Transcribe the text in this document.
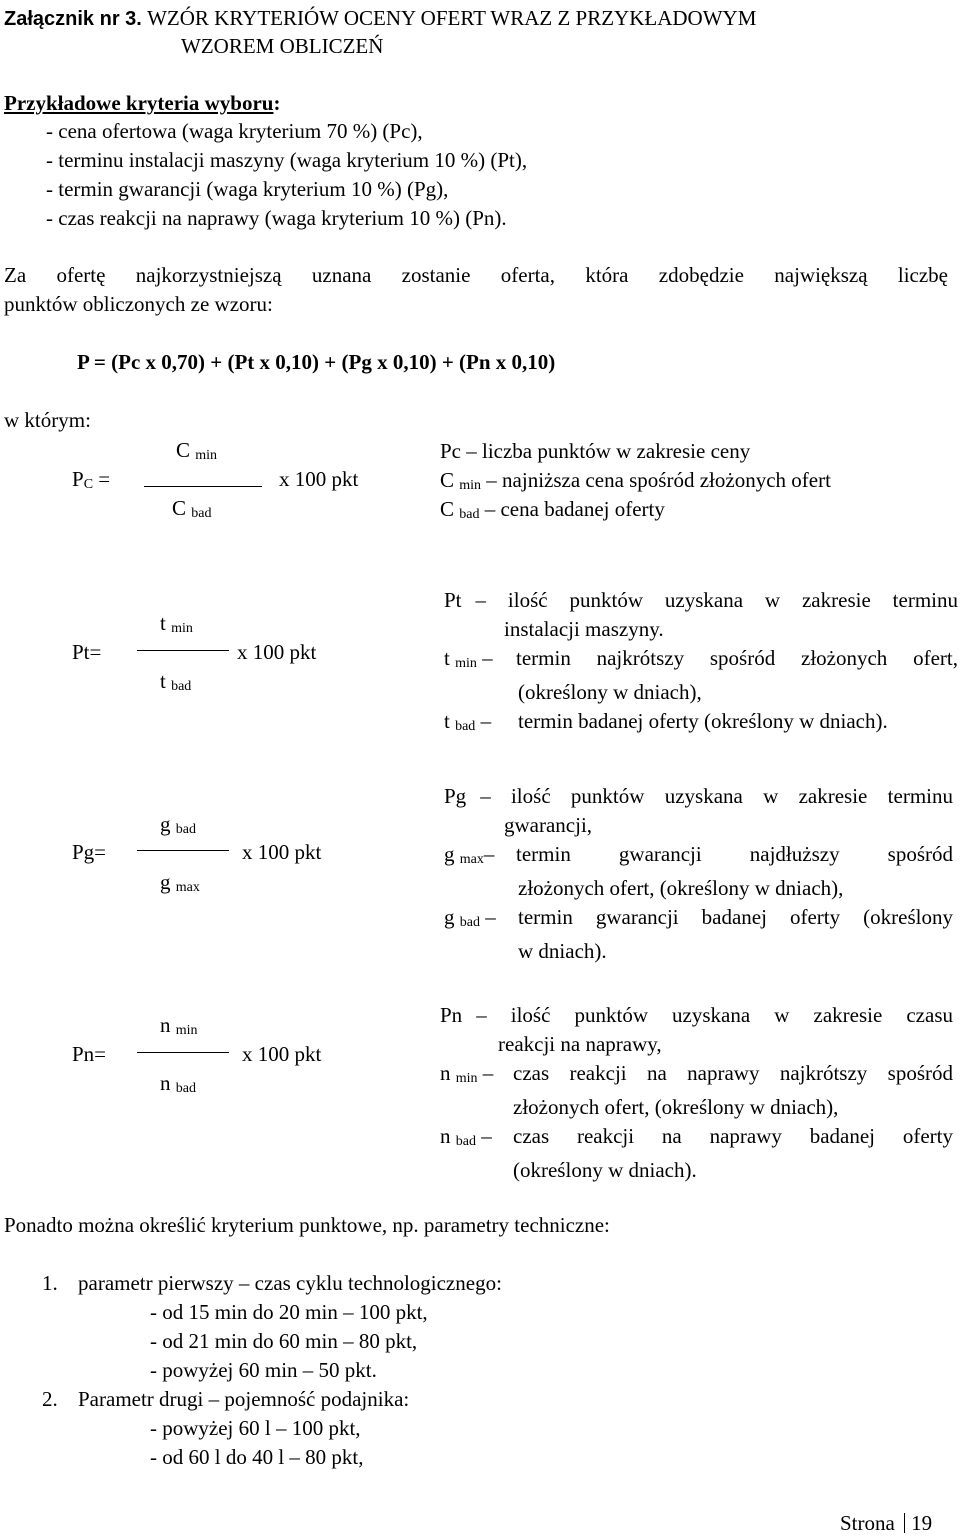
Załącznik nr 3. WZÓR KRYTERIÓW OCENY OFERT WRAZ Z PRZYKŁADOWYM
WZOREM OBLICZEŃ
Przykładowe kryteria wyboru:
- cena ofertowa (waga kryterium 70 %) (Pc),
- terminu instalacji maszyny (waga kryterium 10 %) (Pt),
- termin gwarancji (waga kryterium 10 %) (Pg),
- czas reakcji na naprawy (waga kryterium 10 %) (Pn).
Za ofertę najkorzystniejszą uznana zostanie oferta, która zdobędzie największą liczbę
punktów obliczonych ze wzoru:
P = (Pc x 0,70) + (Pt x 0,10) + (Pg x 0,10) + (Pn x 0,10)
w którym:
PC =
C min
C bad
x 100 pkt
Pc – liczba punktów w zakresie ceny
C min – najniższa cena spośród złożonych ofert
C bad – cena badanej oferty
Pt=
t min
t bad
x 100 pkt
Pt – ilość punktów uzyskana w zakresie terminu
instalacji maszyny.
t min –	termin najkrótszy spośród złożonych ofert,
(określony w dniach),
t bad –	termin badanej oferty (określony w dniach).
Pg=
g bad
g max
x 100 pkt
Pg – ilość punktów uzyskana w zakresie terminu
gwarancji,
g max–	termin gwarancji najdłuższy spośród
złożonych ofert, (określony w dniach),
g bad –	termin gwarancji badanej oferty (określony
w dniach).
Pn=
n min
n bad
x 100 pkt
Pn – ilość punktów uzyskana w zakresie czasu
reakcji na naprawy,
n min – czas reakcji na naprawy najkrótszy spośród
złożonych ofert, (określony w dniach),
n bad –	czas reakcji na naprawy badanej oferty
(określony w dniach).
Ponadto można określić kryterium punktowe, np. parametry techniczne:
1. parametr pierwszy – czas cyklu technologicznego:
- od 15 min do 20 min – 100 pkt,
- od 21 min do 60 min – 80 pkt,
- powyżej 60 min – 50 pkt.
2. Parametr drugi – pojemność podajnika:
- powyżej 60 l – 100 pkt,
- od 60 l do 40 l – 80 pkt,
Strona 19
